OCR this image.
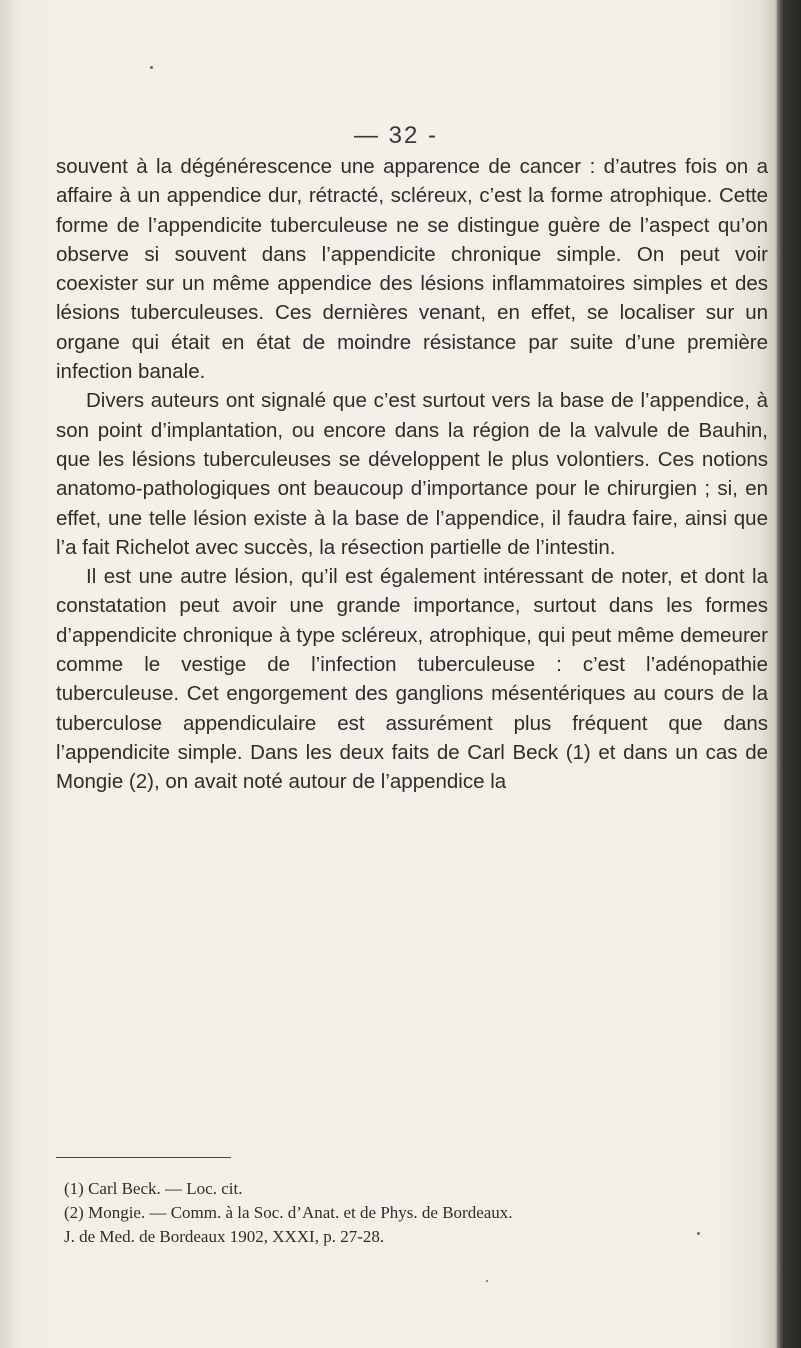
— 32 -

souvent à la dégénérescence une apparence de cancer : d’autres fois on a affaire à un appendice dur, rétracté, scléreux, c’est la forme atrophique. Cette forme de l’appendicite tuberculeuse ne se distingue guère de l’aspect qu’on observe si souvent dans l’appendicite chronique simple. On peut voir coexister sur un même appendice des lésions inflammatoires simples et des lésions tuberculeuses. Ces dernières venant, en effet, se localiser sur un organe qui était en état de moindre résistance par suite d’une première infection banale.

Divers auteurs ont signalé que c’est surtout vers la base de l’appendice, à son point d’implantation, ou encore dans la région de la valvule de Bauhin, que les lésions tuberculeuses se développent le plus volontiers. Ces notions anatomo-pathologiques ont beaucoup d’importance pour le chirurgien ; si, en effet, une telle lésion existe à la base de l’appendice, il faudra faire, ainsi que l’a fait Richelot avec succès, la résection partielle de l’intestin.

Il est une autre lésion, qu’il est également intéressant de noter, et dont la constatation peut avoir une grande importance, surtout dans les formes d’appendicite chronique à type scléreux, atrophique, qui peut même demeurer comme le vestige de l’infection tuberculeuse : c’est l’adénopathie tuberculeuse. Cet engorgement des ganglions mésentériques au cours de la tuberculose appendiculaire est assurément plus fréquent que dans l’appendicite simple. Dans les deux faits de Carl Beck (1) et dans un cas de Mongie (2), on avait noté autour de l’appendice la

(1) Carl Beck. — Loc. cit.

(2) Mongie. — Comm. à la Soc. d’Anat. et de Phys. de Bordeaux.

J. de Med. de Bordeaux 1902, XXXI, p. 27-28.
